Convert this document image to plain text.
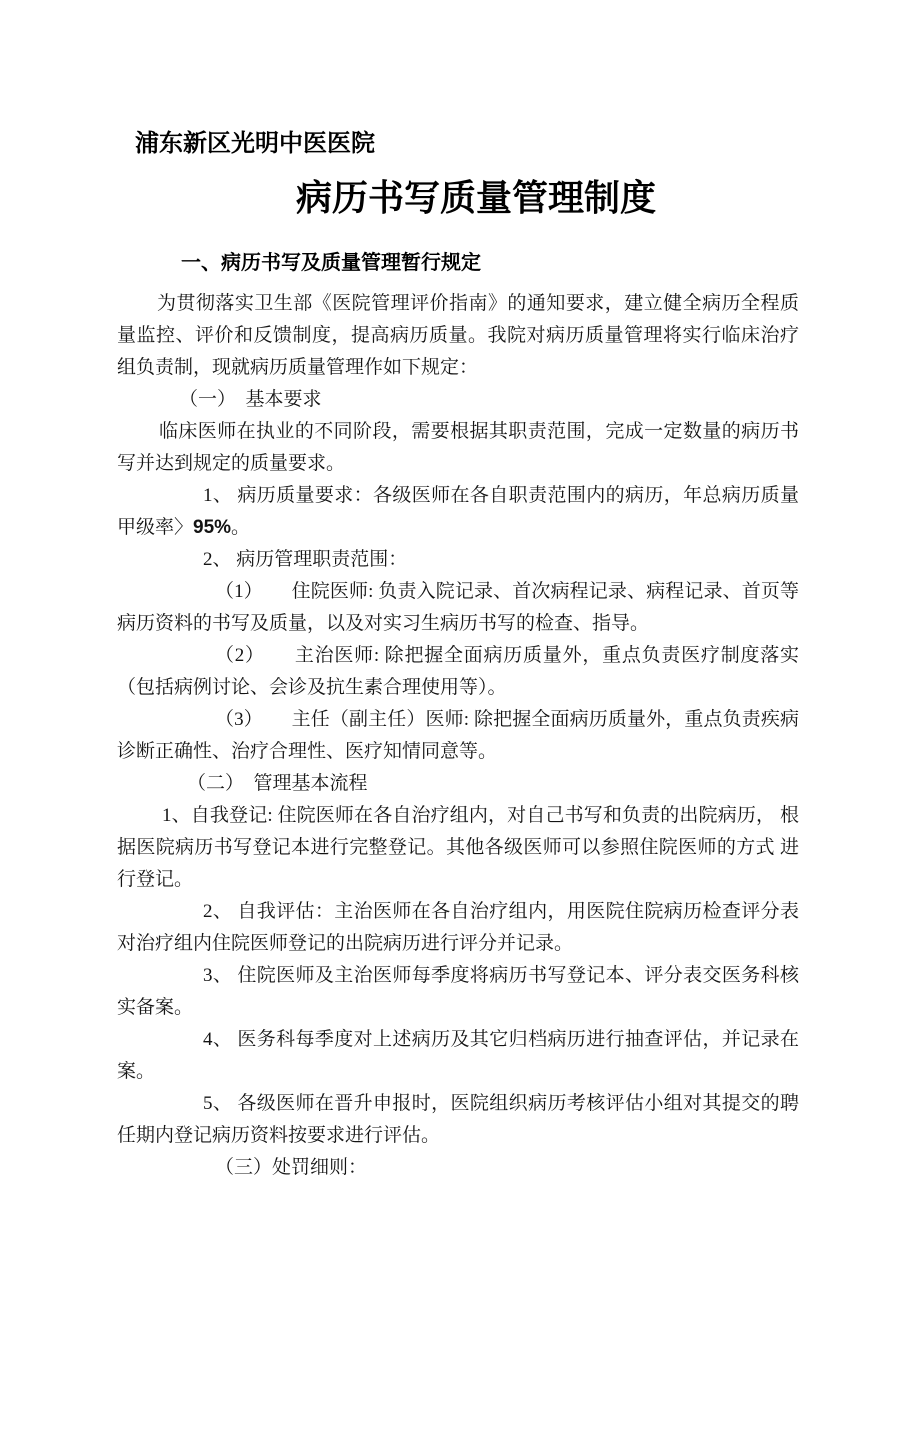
浦东新区光明中医医院
病历书写质量管理制度
一、病历书写及质量管理暂行规定

为贯彻落实卫生部《医院管理评价指南》的通知要求，建立健全病历全程质量监控、评价和反馈制度，提高病历质量。我院对病历质量管理将实行临床治疗组负责制，现就病历质量管理作如下规定：

（一）　基本要求

临床医师在执业的不同阶段，需要根据其职责范围，完成一定数量的病历书写并达到规定的质量要求。

1、 病历质量要求：各级医师在各自职责范围内的病历，年总病历质量甲级率〉95%。

2、 病历管理职责范围：

（1）　　住院医师: 负责入院记录、首次病程记录、病程记录、首页等病历资料的书写及质量，以及对实习生病历书写的检查、指导。

（2）　　主治医师: 除把握全面病历质量外，重点负责医疗制度落实（包括病例讨论、会诊及抗生素合理使用等）。

（3）　　主任（副主任）医师: 除把握全面病历质量外，重点负责疾病诊断正确性、治疗合理性、医疗知情同意等。

（二）　管理基本流程

1、自我登记: 住院医师在各自治疗组内，对自己书写和负责的出院病历， 根据医院病历书写登记本进行完整登记。其他各级医师可以参照住院医师的方式 进行登记。

2、 自我评估：主治医师在各自治疗组内，用医院住院病历检查评分表对治疗组内住院医师登记的出院病历进行评分并记录。

3、 住院医师及主治医师每季度将病历书写登记本、评分表交医务科核实备案。

4、 医务科每季度对上述病历及其它归档病历进行抽查评估，并记录在案。

5、 各级医师在晋升申报时，医院组织病历考核评估小组对其提交的聘任期内登记病历资料按要求进行评估。

（三）处罚细则：
